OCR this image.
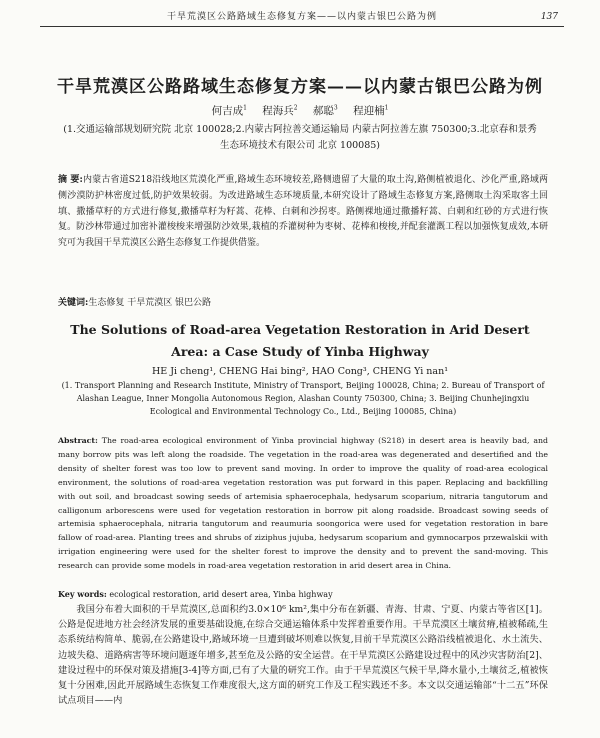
干旱荒漠区公路路域生态修复方案——以内蒙古银巴公路为例	137
干旱荒漠区公路路域生态修复方案——以内蒙古银巴公路为例
何吉成$^1$ 程海兵$^2$ 郝聪$^3$ 程迎楠$^1$
(1.交通运输部规划研究院 北京 100028;2.内蒙古阿拉善交通运输局 内蒙古阿拉善左旗 750300;3.北京春和景秀生态环境技术有限公司 北京 100085)
摘 要:内蒙古省道S218沿线地区荒漠化严重,路域生态环境较差,路侧遗留了大量的取土沟,路侧植被退化、沙化严重,路域两侧沙漠防护林密度过低,防护效果较弱。为改进路域生态环境质量,本研究设计了路域生态修复方案,路侧取土沟采取客土回填、撒播草籽的方式进行修复,撒播草籽为籽蒿、花棒、白刺和沙拐枣。路侧裸地通过撒播籽蒿、白刺和红砂的方式进行恢复。防沙林带通过加密补灌梭梭来增强防沙效果,栽植的乔灌树种为枣树、花棒和梭梭,并配套灌溉工程以加强恢复成效,本研究可为我国干旱荒漠区公路生态修复工作提供借鉴。
关键词:生态修复 干旱荒漠区 银巴公路
The Solutions of Road-area Vegetation Restoration in Arid Desert
Area: a Case Study of Yinba Highway
HE Ji cheng¹, CHENG Hai bing², HAO Cong³, CHENG Yi nan¹
(1. Transport Planning and Research Institute, Ministry of Transport, Beijing 100028, China; 2. Bureau of Transport of Alashan League, Inner Mongolia Autonomous Region, Alashan County 750300, China; 3. Beijing Chunhejingxiu Ecological and Environmental Technology Co., Ltd., Beijing 100085, China)
Abstract: The road-area ecological environment of Yinba provincial highway (S218) in desert area is heavily bad, and many borrow pits was left along the roadside. The vegetation in the road-area was degenerated and desertified and the density of shelter forest was too low to prevent sand moving. In order to improve the quality of road-area ecological environment, the solutions of road-area vegetation restoration was put forward in this paper. Replacing and backfilling with out soil, and broadcast sowing seeds of artemisia sphaerocephala, hedysarum scoparium, nitraria tangutorum and calligonum arborescens were used for vegetation restoration in borrow pit along roadside. Broadcast sowing seeds of artemisia sphaerocephala, nitraria tangutorum and reaumuria soongorica were used for vegetation restoration in bare fallow of road-area. Planting trees and shrubs of ziziphus jujuba, hedysarum scoparium and gymnocarpos przewalskii with irrigation engineering were used for the shelter forest to improve the density and to prevent the sand-moving. This research can provide some models in road-area vegetation restoration in arid desert area in China.
Key words: ecological restoration, arid desert area, Yinba highway
我国分布着大面积的干旱荒漠区,总面积约3.0×10⁶ km²,集中分布在新疆、青海、甘肃、宁夏、内蒙古等省区[1]。公路是促进地方社会经济发展的重要基础设施,在综合交通运输体系中发挥着重要作用。干旱荒漠区土壤贫瘠,植被稀疏,生态系统结构简单、脆弱,在公路建设中,路域环境一旦遭到破坏则难以恢复,目前干旱荒漠区公路沿线植被退化、水土流失、边坡失稳、道路病害等环境问题逐年增多,甚至危及公路的安全运营。在干旱荒漠区公路建设过程中的风沙灾害防治[2]、建设过程中的环保对策及措施[3-4]等方面,已有了大量的研究工作。由于干旱荒漠区气候干旱,降水量小,土壤贫乏,植被恢复十分困难,因此开展路域生态恢复工作难度很大,这方面的研究工作及工程实践还不多。本文以交通运输部“十二五”环保试点项目——内
